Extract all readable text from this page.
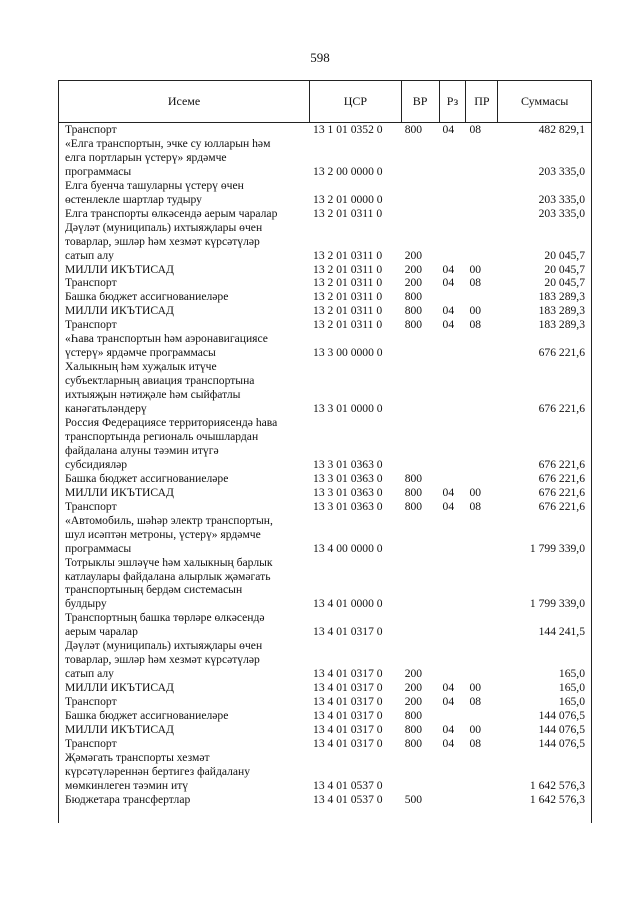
598
Исеме	ЦСР	ВР	Рз	ПР	Суммасы
Транспорт	13 1 01 0352 0	800	04	08	482 829,1
«Елга транспортын, эчке су юлларын һәм
елга портларын үстерү» ярдәмче
программасы	13 2 00 0000 0	203 335,0
Елга буенча ташуларны үстерү өчен
өстенлекле шартлар тудыру	13 2 01 0000 0	203 335,0
Елга транспорты өлкәсендә аерым чаралар	13 2 01 0311 0	203 335,0
Дәүләт (муниципаль) ихтыяҗлары өчен
товарлар, эшләр һәм хезмәт күрсәтүләр
сатып алу	13 2 01 0311 0	200	20 045,7
МИЛЛИ ИКЪТИСАД	13 2 01 0311 0	200	04	00	20 045,7
Транспорт	13 2 01 0311 0	200	04	08	20 045,7
Башка бюджет ассигнованиеләре	13 2 01 0311 0	800	183 289,3
МИЛЛИ ИКЪТИСАД	13 2 01 0311 0	800	04	00	183 289,3
Транспорт	13 2 01 0311 0	800	04	08	183 289,3
«Һава транспортын һәм аэронавигациясе
үстерү» ярдәмче программасы	13 3 00 0000 0	676 221,6
Халыкның һәм хуҗалык итүче
субъектларның авиация транспортына
ихтыяҗын нәтиҗәле һәм сыйфатлы
канәгатьләндерү	13 3 01 0000 0	676 221,6
Россия Федерациясе территориясендә һава
транспортында региональ очышлардан
файдалана алуны тәэмин итүгә
субсидияләр	13 3 01 0363 0	676 221,6
Башка бюджет ассигнованиеләре	13 3 01 0363 0	800	676 221,6
МИЛЛИ ИКЪТИСАД	13 3 01 0363 0	800	04	00	676 221,6
Транспорт	13 3 01 0363 0	800	04	08	676 221,6
«Автомобиль, шәһәр электр транспортын,
шул исәптән метроны, үстерү» ярдәмче
программасы	13 4 00 0000 0	1 799 339,0
Тотрыклы эшләүче һәм халыкның барлык
катлаулары файдалана алырлык җәмәгать
транспортының бердәм системасын
булдыру	13 4 01 0000 0	1 799 339,0
Транспортның башка төрләре өлкәсендә
аерым чаралар	13 4 01 0317 0	144 241,5
Дәүләт (муниципаль) ихтыяҗлары өчен
товарлар, эшләр һәм хезмәт күрсәтүләр
сатып алу	13 4 01 0317 0	200	165,0
МИЛЛИ ИКЪТИСАД	13 4 01 0317 0	200	04	00	165,0
Транспорт	13 4 01 0317 0	200	04	08	165,0
Башка бюджет ассигнованиеләре	13 4 01 0317 0	800	144 076,5
МИЛЛИ ИКЪТИСАД	13 4 01 0317 0	800	04	00	144 076,5
Транспорт	13 4 01 0317 0	800	04	08	144 076,5
Җәмәгать транспорты хезмәт
күрсәтүләреннән бертигез файдалану
мөмкинлеген тәэмин итү	13 4 01 0537 0	1 642 576,3
Бюджетара трансфертлар	13 4 01 0537 0	500	1 642 576,3
